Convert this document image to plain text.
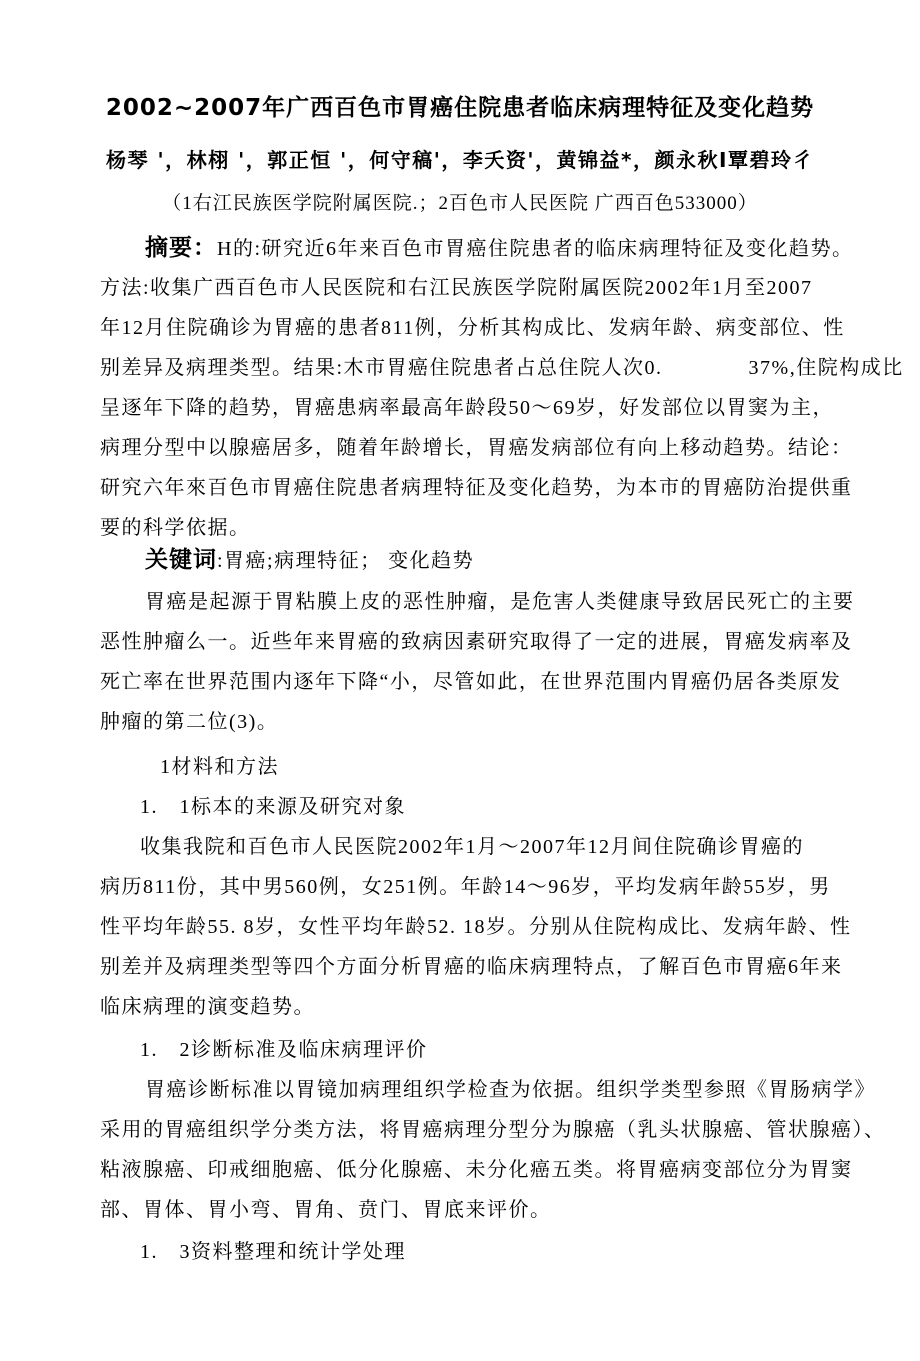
2002~2007年广西百色市胃癌住院患者临床病理特征及变化趋势
杨琴 '，林栩 '，郭正恒 '，何守稿'，李夭资'，黄锦益*，颜永秋I覃碧玲彳
（1右江民族医学院附属医院.；2百色市人民医院 广西百色533000）
摘要：H的:研究近6年来百色市胃癌住院患者的临床病理特征及变化趋势。
方法:收集广西百色市人民医院和右江民族医学院附属医院2002年1月至2007
年12月住院确诊为胃癌的患者811例，分析其构成比、发病年龄、病变部位、性
别差异及病理类型。结果:木市胃癌住院患者占总住院人次0.　　　　37%,住院构成比
呈逐年下降的趋势，胃癌患病率最高年龄段50～69岁，好发部位以胃窦为主，
病理分型中以腺癌居多，随着年龄增长，胃癌发病部位有向上移动趋势。结论：
研究六年來百色市胃癌住院患者病理特征及变化趋势，为本市的胃癌防治提供重
要的科学依据。
关键词:胃癌;病理特征； 变化趋势
胃癌是起源于胃粘膜上皮的恶性肿瘤，是危害人类健康导致居民死亡的主要
恶性肿瘤么一。近些年来胃癌的致病因素研究取得了一定的进展，胃癌发病率及
死亡率在世界范围内逐年下降“小，尽管如此，在世界范围内胃癌仍居各类原发
肿瘤的第二位(3)。
1材料和方法
1.　1标本的来源及研究对象
收集我院和百色市人民医院2002年1月～2007年12月间住院确诊胃癌的
病历811份，其中男560例，女251例。年龄14～96岁，平均发病年龄55岁，男
性平均年龄55. 8岁，女性平均年龄52. 18岁。分别从住院构成比、发病年龄、性
别差并及病理类型等四个方面分析胃癌的临床病理特点，了解百色市胃癌6年来
临床病理的演变趋势。
1.　2诊断标准及临床病理评价
胃癌诊断标准以胃镜加病理组织学检查为依据。组织学类型参照《胃肠病学》
采用的胃癌组织学分类方法，将胃癌病理分型分为腺癌（乳头状腺癌、管状腺癌）、
粘液腺癌、印戒细胞癌、低分化腺癌、未分化癌五类。将胃癌病变部位分为胃窦
部、胃体、胃小弯、胃角、贲门、胃底来评价。
1.　3资料整理和统计学处理
